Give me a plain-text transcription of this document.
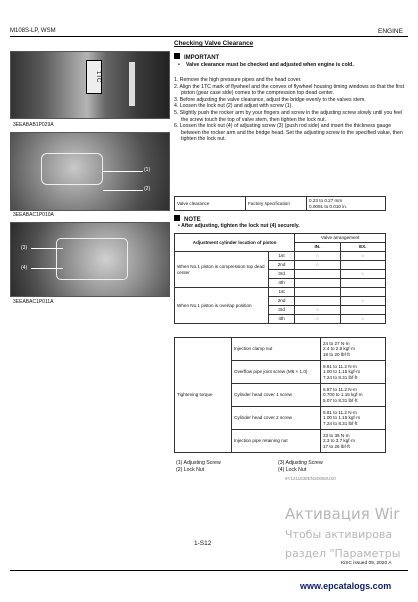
M108S-LP, WSM	ENGINE
1TC
3EEABAB1P029A
(1)
(2)
3EEABAC1P010A
(3)
(4)
3EEABAC1P011A
Checking Valve Clearance
IMPORTANT
•	Valve clearance must be checked and adjusted when engine is cold.
1. Remove the high pressure pipes and the head cover.
2. Align the 1TC mark of flywheel and the convex of flywheel housing timing windows so that the first piston (gear case side) comes to the compression top dead center.
3. Before adjusting the valve clearance, adjust the bridge evenly to the valves stem.
4. Loosen the lock nut (2) and adjust with screw (1).
5. Slightly push the rocker arm by your fingers and screw in the adjusting screw slowly until you feel the screw touch the top of valve stem, then tighten the lock nut.
6. Loosen the lock nut (4) of adjusting screw (3) (push rod side) and insert the thickness gauge between the rocker arm and the bridge head. Set the adjusting screw to the specified value, then tighten the lock nut.
Valve clearance	Factory specification	0.23 to 0.27 mm
0.0091 to 0.010 in.
NOTE
• After adjusting, tighten the lock nut (4) securely.
Adjustment cylinder location of piston		Valve arrangement	
		IN.	EX.
When No.1 piston is compression top dead center	1st	☆	☆
	2nd	☆	
	3rd		☆
	4th		
When No.1 piston is overlap position	1st		
	2nd		☆
	3rd	☆	
	4th	☆	☆
Tightening torque	Injection clamp nut	24 to 27 N·m
2.4 to 2.8 kgf·m
18 to 20 lbf·ft
	Overflow pipe joint screw (M6 × 1.0)	9.81 to 11.2 N·m
1.00 to 1.15 kgf·m
7.24 to 8.31 lbf·ft
	Cylinder head cover 1 screw	6.87 to 11.2 N·m
0.700 to 1.15 kgf·m
5.07 to 8.31 lbf·ft
	Cylinder head cover 2 screw	9.81 to 11.2 N·m
1.00 to 1.15 kgf·m
7.24 to 8.31 lbf·ft
	Injection pipe retaining nut	23 to 36 N·m
2.3 to 3.7 kgf·m
17 to 26 lbf·ft
(1) Adjusting Screw
(2) Lock Nut
(3) Adjusting Screw
(4) Lock Nut
9Y1211638ENS0050US0
Активация Wir
Чтобы активирова
раздел "Параметры
1-S12
KiSC issued 09, 2020 A
www.epcatalogs.com
